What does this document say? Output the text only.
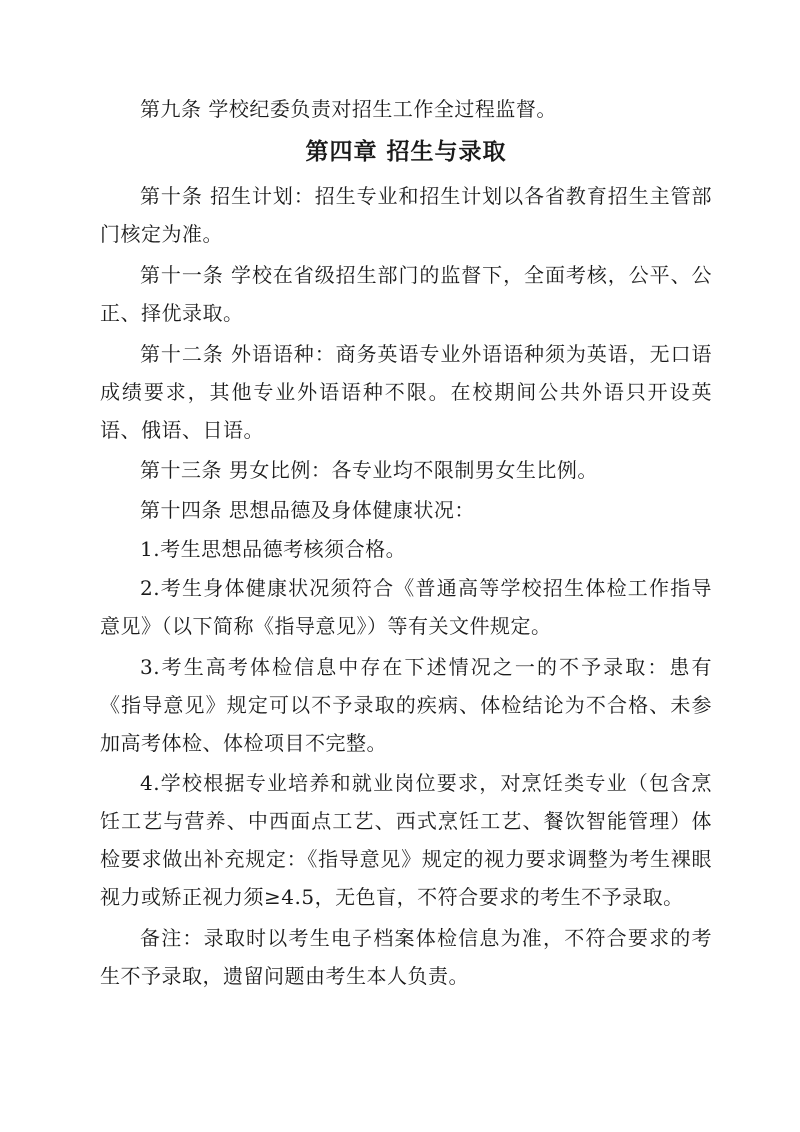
第九条 学校纪委负责对招生工作全过程监督。

第四章 招生与录取

第十条 招生计划：招生专业和招生计划以各省教育招生主管部门核定为准。

第十一条 学校在省级招生部门的监督下，全面考核，公平、公正、择优录取。

第十二条 外语语种：商务英语专业外语语种须为英语，无口语成绩要求，其他专业外语语种不限。在校期间公共外语只开设英语、俄语、日语。

第十三条 男女比例：各专业均不限制男女生比例。

第十四条 思想品德及身体健康状况：

1.考生思想品德考核须合格。

2.考生身体健康状况须符合《普通高等学校招生体检工作指导意见》（以下简称《指导意见》）等有关文件规定。

3.考生高考体检信息中存在下述情况之一的不予录取：患有《指导意见》规定可以不予录取的疾病、体检结论为不合格、未参加高考体检、体检项目不完整。

4.学校根据专业培养和就业岗位要求，对烹饪类专业（包含烹饪工艺与营养、中西面点工艺、西式烹饪工艺、餐饮智能管理）体检要求做出补充规定：《指导意见》规定的视力要求调整为考生裸眼视力或矫正视力须≥4.5，无色盲，不符合要求的考生不予录取。

备注：录取时以考生电子档案体检信息为准，不符合要求的考生不予录取，遗留问题由考生本人负责。
